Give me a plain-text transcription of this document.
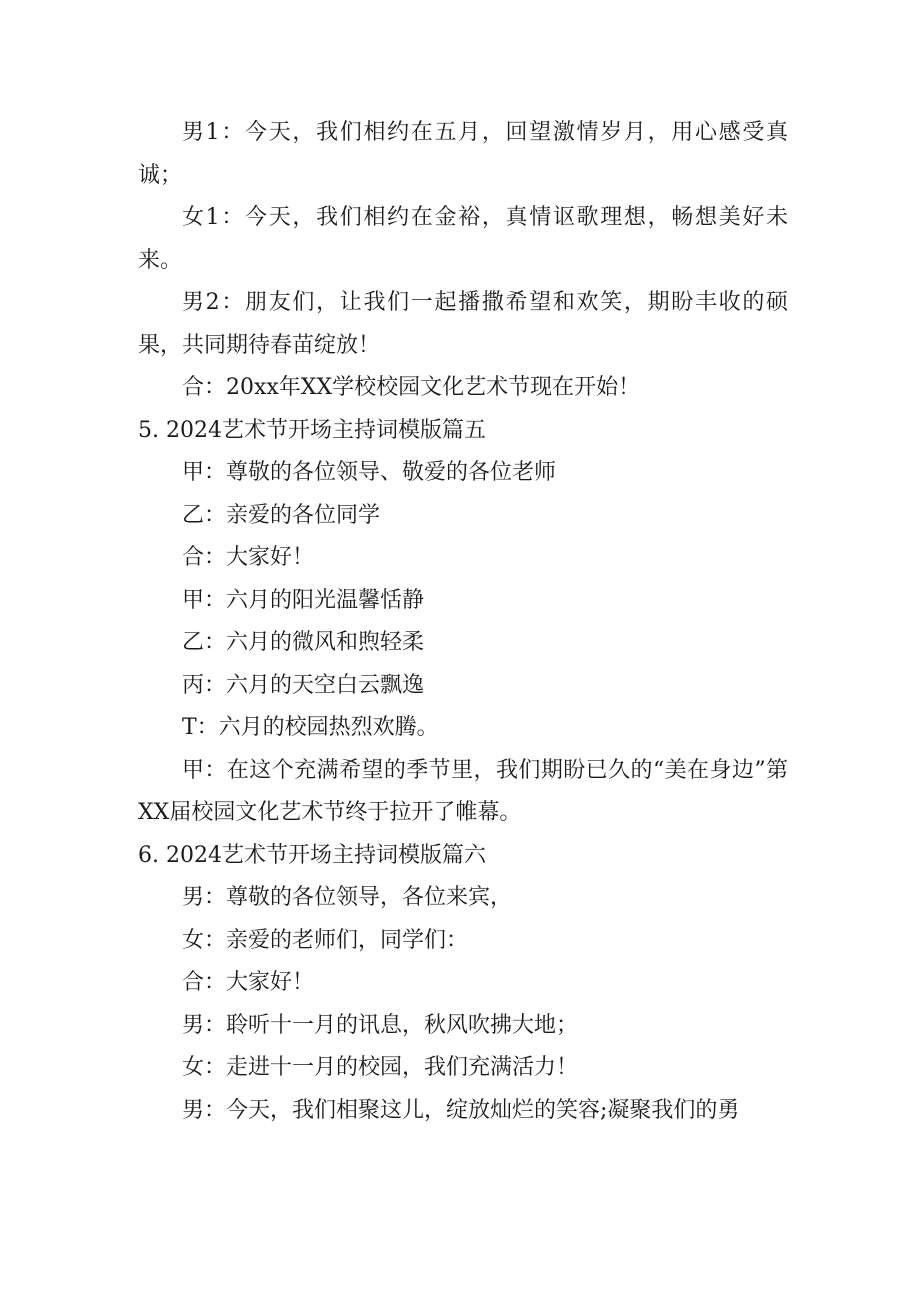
男1：今天，我们相约在五月，回望激情岁月，用心感受真诚；

女1：今天，我们相约在金裕，真情讴歌理想，畅想美好未来。

男2：朋友们，让我们一起播撒希望和欢笑，期盼丰收的硕果，共同期待春苗绽放！

合：20xx年XX学校校园文化艺术节现在开始！

5. 2024艺术节开场主持词模版篇五

甲：尊敬的各位领导、敬爱的各位老师

乙：亲爱的各位同学

合：大家好！

甲：六月的阳光温馨恬静

乙：六月的微风和煦轻柔

丙：六月的天空白云飘逸

T：六月的校园热烈欢腾。

甲：在这个充满希望的季节里，我们期盼已久的“美在身边”第XX届校园文化艺术节终于拉开了帷幕。

6. 2024艺术节开场主持词模版篇六

男：尊敬的各位领导，各位来宾，

女：亲爱的老师们，同学们：

合：大家好！

男：聆听十一月的讯息，秋风吹拂大地；

女：走进十一月的校园，我们充满活力！

男：今天，我们相聚这儿，绽放灿烂的笑容;凝聚我们的勇
